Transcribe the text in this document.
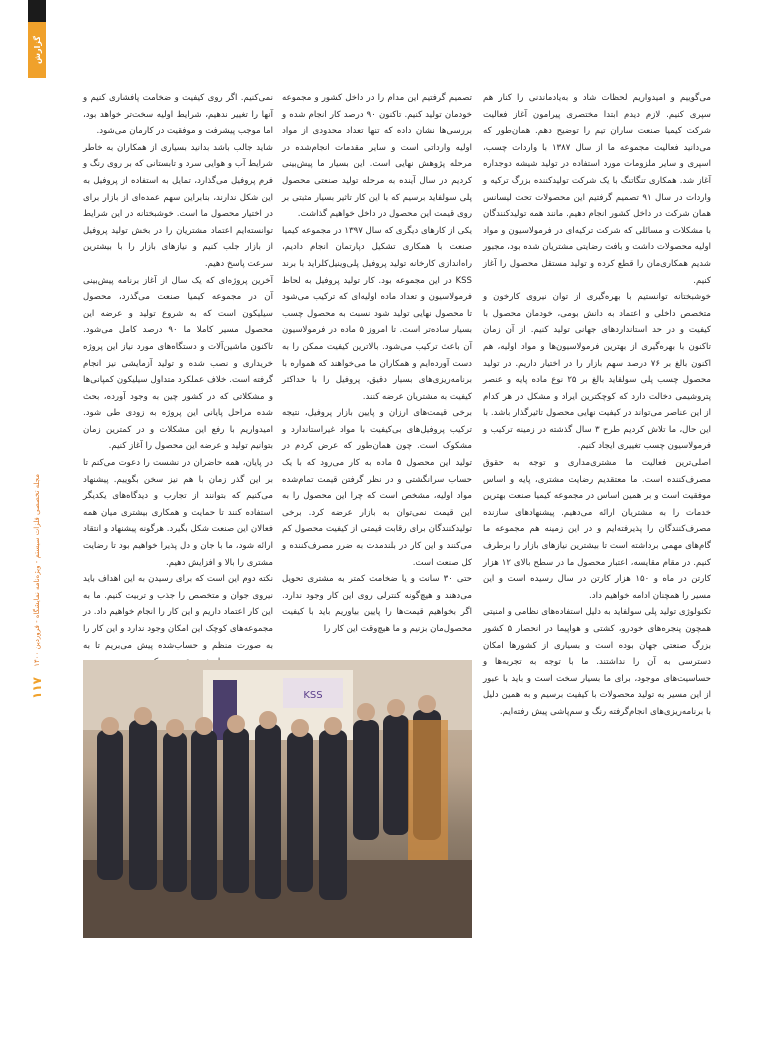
گزارش
مجله تخصصی فلزات سیستم - ویژه‌نامه نمایشگاه - فروردین ۱۴۰۰
۱۱۷

می‌گوییم و امیدواریم لحظات شاد و به‌یادماندنی را کنار هم سپری کنیم. لازم دیدم ابتدا مختصری پیرامون آغاز فعالیت شرکت کیمیا صنعت ساران تیم را توضیح دهم. همان‌طور که می‌دانید فعالیت مجموعه ما از سال ۱۳۸۷ با واردات چسب، اسپری و سایر ملزومات مورد استفاده در تولید شیشه دوجداره آغاز شد. همکاری تنگاتنگ با یک شرکت تولیدکننده بزرگ ترکیه و واردات در سال ۹۱ تصمیم گرفتیم این محصولات تحت لیسانس همان شرکت در داخل کشور انجام دهیم. مانند همه تولیدکنندگان با مشکلات و مسائلی که شرکت ترکیه‌ای در فرمولاسیون و مواد اولیه محصولات داشت و بافت رضایتی مشتریان شده بود، مجبور شدیم همکاری‌مان را قطع کرده و تولید مستقل محصول را آغاز کنیم.

خوشبختانه توانستیم با بهره‌گیری از توان نیروی کارخون و متخصص داخلی و اعتماد به دانش بومی، خودمان محصول با کیفیت و در حد استانداردهای جهانی تولید کنیم. از آن زمان تاکنون با بهره‌گیری از بهترین فرمولاسیون‌ها و مواد اولیه، هم اکنون بالغ بر ۷۶ درصد سهم بازار را در اختیار داریم. در تولید محصول چسب پلی سولفاید بالغ بر ۲۵ نوع ماده پایه و عنصر پتروشیمی دخالت دارد که کوچکترین ایراد و مشکل در هر کدام از این عناصر می‌تواند در کیفیت نهایی محصول تاثیرگذار باشد. با این حال، ما تلاش کردیم طرح ۳ سال گذشته در زمینه ترکیب و فرمولاسیون چسب تغییری ایجاد کنیم.

اصلی‌ترین فعالیت ما مشتری‌مداری و توجه به حقوق مصرف‌کننده است. ما معتقدیم رضایت مشتری، پایه و اساس موفقیت است و بر همین اساس در مجموعه کیمیا صنعت بهترین خدمات را به مشتریان ارائه می‌دهیم. پیشنهادهای سازنده مصرف‌کنندگان را پذیرفته‌ایم و در این زمینه هم مجموعه ما گام‌های مهمی برداشته است تا بیشترین نیازهای بازار را برطرف کنیم. در مقام مقایسه، اعتبار محصول ما در سطح بالای ۱۲ هزار کارتن در ماه و ۱۵۰ هزار کارتن در سال رسیده است و این مسیر را همچنان ادامه خواهیم داد.

تکنولوژی تولید پلی سولفاید به دلیل استفاده‌های نظامی و امنیتی همچون پنجره‌های خودرو، کشتی و هواپیما در انحصار ۵ کشور بزرگ صنعتی جهان بوده است و بسیاری از کشورها امکان دسترسی به آن را نداشتند. ما با توجه به تجربه‌ها و حساسیت‌های موجود، برای ما بسیار سخت است و باید با عبور از این مسیر به تولید محصولات با کیفیت برسیم و به همین دلیل با برنامه‌ریزی‌های انجام‌گرفته رنگ و سم‌پاشی پیش رفته‌ایم.

تصمیم گرفتیم این مدام را در داخل کشور و مجموعه خودمان تولید کنیم. تاکنون ۹۰ درصد کار انجام شده و بررسی‌ها نشان داده که تنها تعداد محدودی از مواد اولیه وارداتی است و سایر مقدمات انجام‌شده در مرحله پژوهش نهایی است. این بسیار ما پیش‌بینی کردیم در سال آینده به مرحله تولید صنعتی محصول پلی سولفاید برسیم که با این کار تاثیر بسیار مثبتی بر روی قیمت این محصول در داخل خواهیم گذاشت.

یکی از کارهای دیگری که سال ۱۳۹۷ در مجموعه کیمیا صنعت با همکاری تشکیل دپارتمان انجام دادیم، راه‌اندازی کارخانه تولید پروفیل پلی‌وینیل‌کلراید با برند KSS در این مجموعه بود. کار تولید پروفیل به لحاظ فرمولاسیون و تعداد ماده اولیه‌ای که ترکیب می‌شود تا محصول نهایی تولید شود نسبت به محصول چسب بسیار ساده‌تر است. تا امروز ۵ ماده در فرمولاسیون آن باعث ترکیب می‌شود. بالاترین کیفیت ممکن را به دست آورده‌ایم و همکاران ما می‌خواهند که همواره با برنامه‌ریزی‌های بسیار دقیق، پروفیل را با حداکثر کیفیت به مشتریان عرضه کنند.

برخی قیمت‌های ارزان و پایین بازار پروفیل، نتیجه ترکیب پروفیل‌های بی‌کیفیت با مواد غیراستاندارد و مشکوک است. چون همان‌طور که عرض کردم در تولید این محصول ۵ ماده به کار می‌رود که با یک حساب سرانگشتی و در نظر گرفتن قیمت تمام‌شده مواد اولیه، مشخص است که چرا این محصول را به این قیمت نمی‌توان به بازار عرضه کرد. برخی تولیدکنندگان برای رقابت قیمتی از کیفیت محصول کم می‌کنند و این کار در بلندمدت به ضرر مصرف‌کننده و کل صنعت است.

حتی ۳۰ سانت و یا ضخامت کمتر به مشتری تحویل می‌دهند و هیچ‌گونه کنترلی روی این کار وجود ندارد. اگر بخواهیم قیمت‌ها را پایین بیاوریم باید با کیفیت محصول‌مان بزنیم و ما هیچ‌وقت این کار را

نمی‌کنیم. اگر روی کیفیت و ضخامت پافشاری کنیم و آنها را تغییر ندهیم، شرایط اولیه سخت‌تر خواهد بود، اما موجب پیشرفت و موفقیت در کارمان می‌شود.

شاید جالب باشد بدانید بسیاری از همکاران به خاطر شرایط آب و هوایی سرد و تابستانی که بر روی رنگ و فرم پروفیل می‌گذارد، تمایل به استفاده از پروفیل به این شکل ندارند، بنابراین سهم عمده‌ای از بازار برای در اختیار محصول ما است. خوشبختانه در این شرایط توانسته‌ایم اعتماد مشتریان را در بخش تولید پروفیل از بازار جلب کنیم و نیازهای بازار را با بیشترین سرعت پاسخ دهیم.

آخرین پروژه‌ای که یک سال از آغاز برنامه پیش‌بینی آن در مجموعه کیمیا صنعت می‌گذرد، محصول سیلیکون است که به شروع تولید و عرضه این محصول مسیر کاملا ما ۹۰ درصد کامل می‌شود. تاکنون ماشین‌آلات و دستگاه‌های مورد نیاز این پروژه خریداری و نصب شده و تولید آزمایشی نیز انجام گرفته است. خلاف عملکرد متداول سیلیکون کمپانی‌ها و مشکلاتی که در کشور چین به وجود آورده، بحث شده مراحل پایانی این پروژه به زودی طی شود. امیدواریم با رفع این مشکلات و در کمترین زمان بتوانیم تولید و عرضه این محصول را آغاز کنیم.

در پایان، همه حاضران در نشست را دعوت می‌کنم تا بر این گذر زمان با هم نیز سخن بگوییم. پیشنهاد می‌کنیم که بتوانند از تجارب و دیدگاه‌های یکدیگر استفاده کنند تا حمایت و همکاری بیشتری میان همه فعالان این صنعت شکل بگیرد. هرگونه پیشنهاد و انتقاد ارائه شود، ما با جان و دل پذیرا خواهیم بود تا رضایت مشتری را بالا و افزایش دهیم.

نکته دوم این است که برای رسیدن به این اهداف باید نیروی جوان و متخصص را جذب و تربیت کنیم. ما به این کار اعتماد داریم و این کار را انجام خواهیم داد. در مجموعه‌های کوچک این امکان وجود ندارد و این کار را به صورت منظم و حساب‌شده پیش می‌بریم تا به

KSS
